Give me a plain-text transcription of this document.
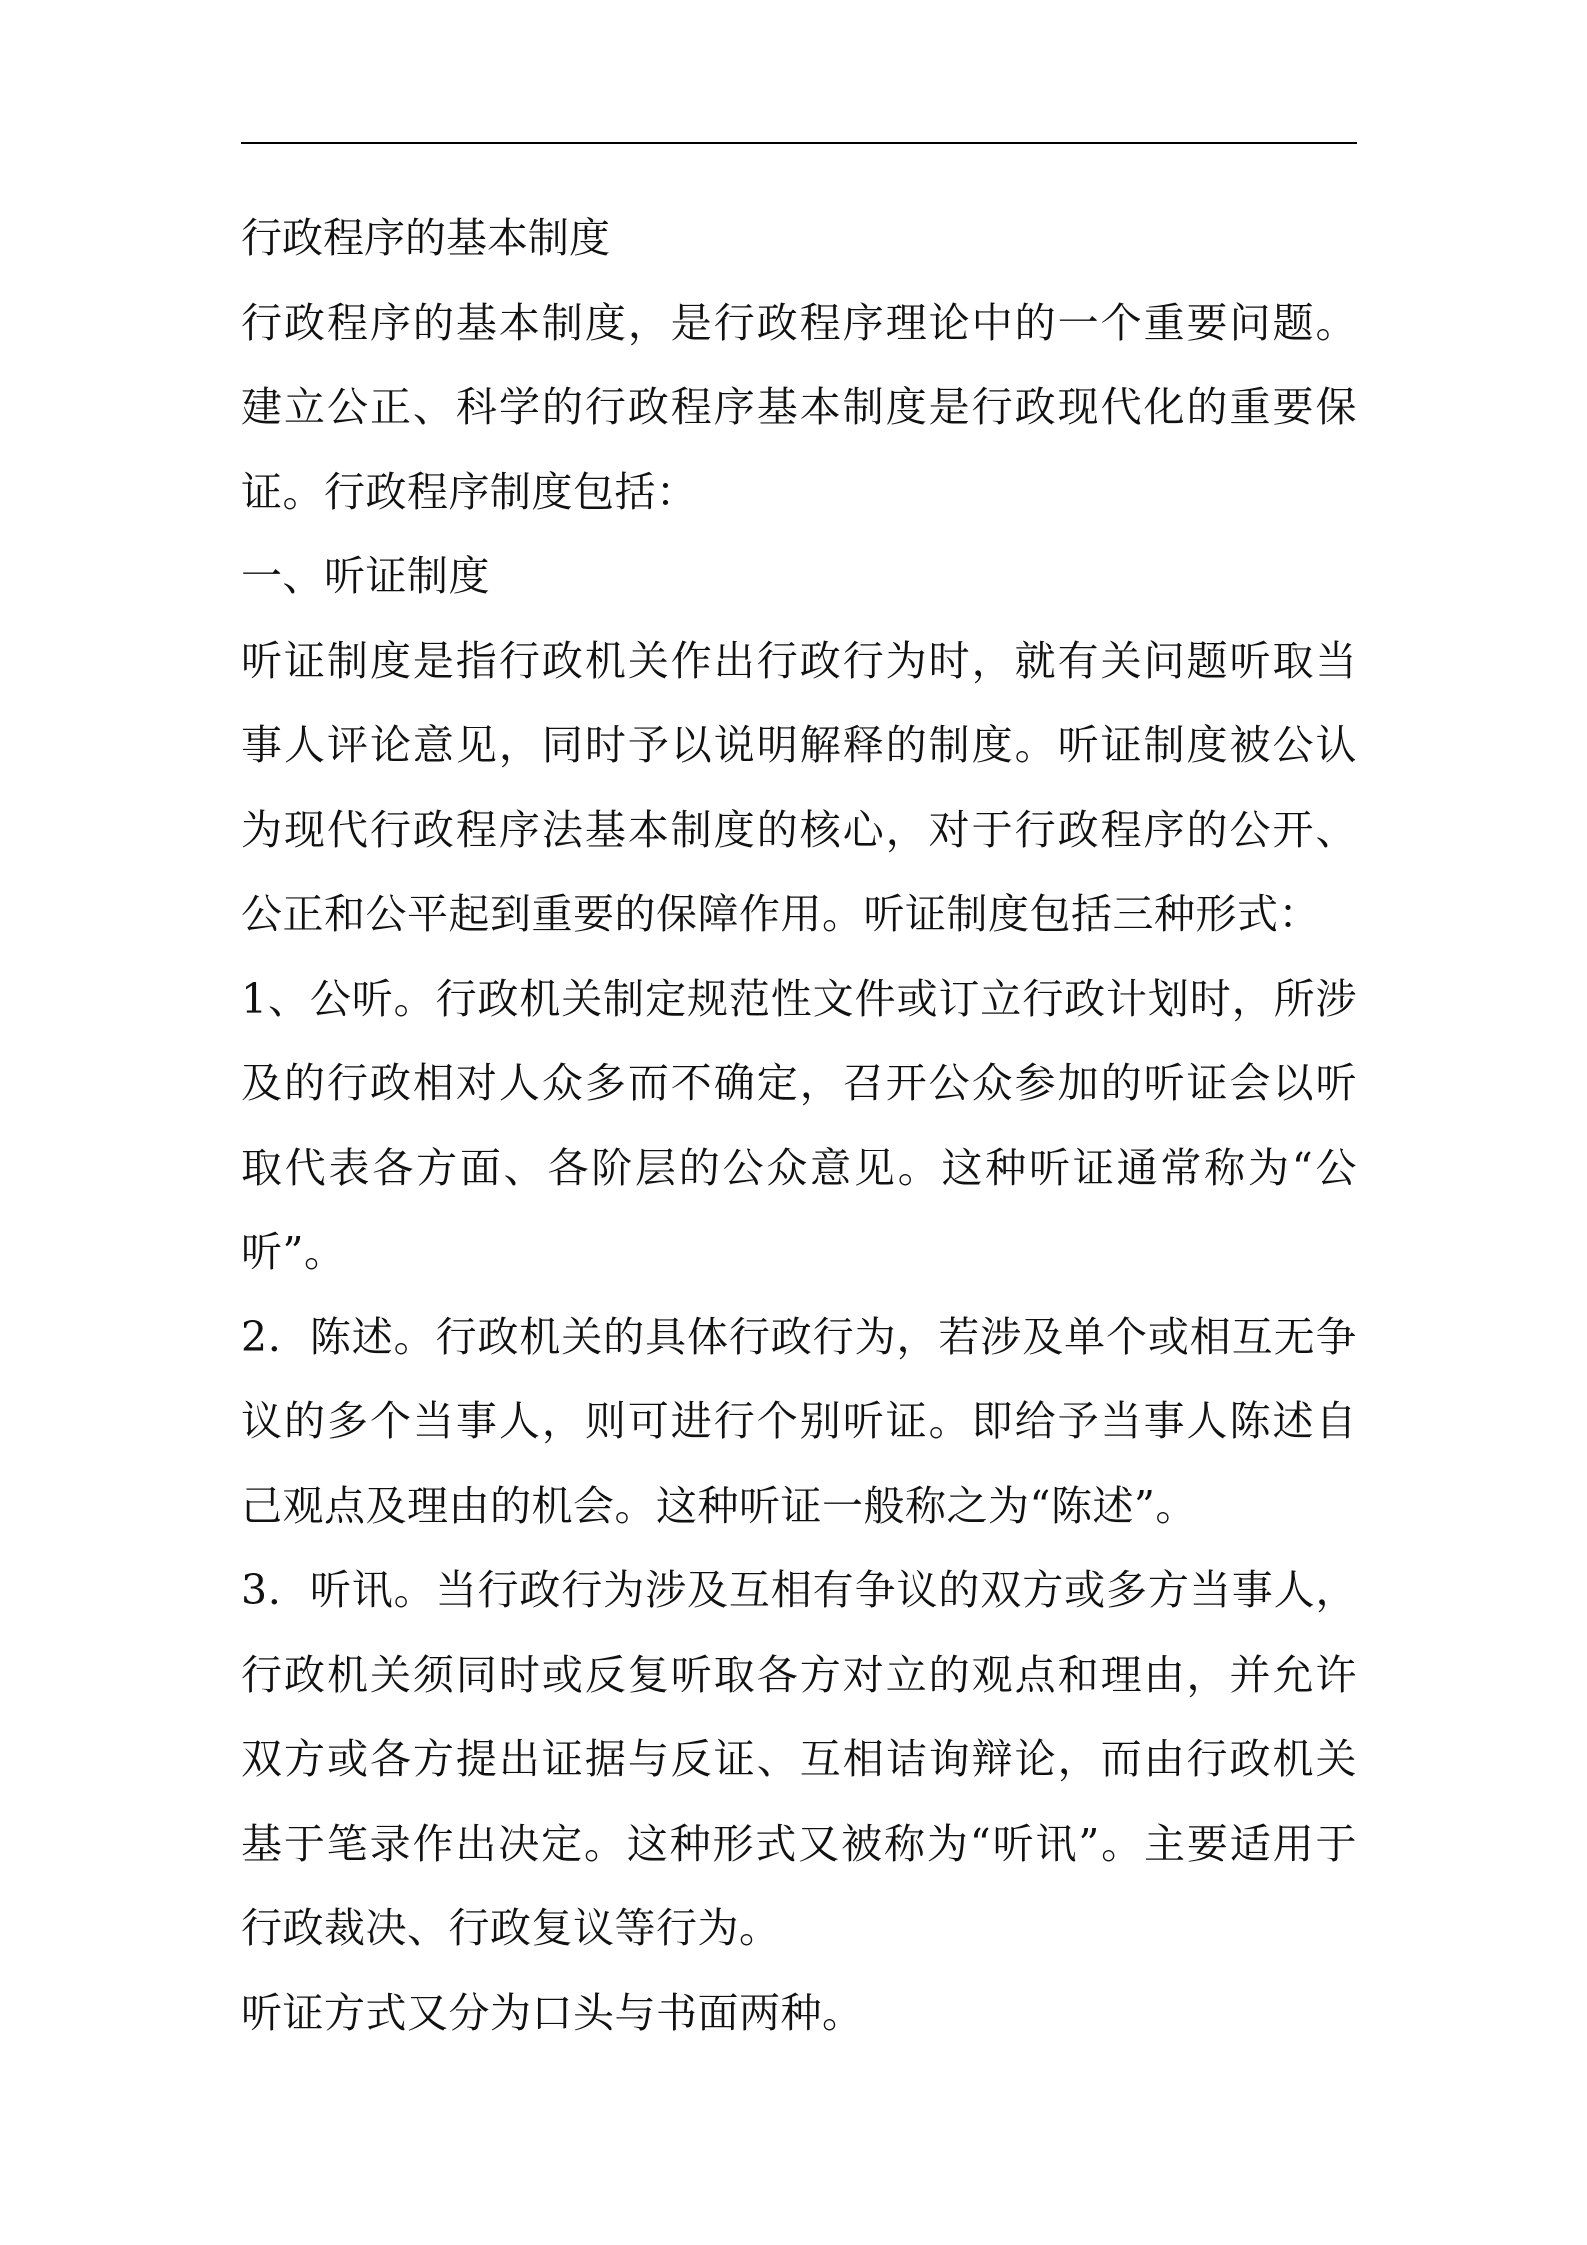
行政程序的基本制度

行政程序的基本制度，是行政程序理论中的一个重要问题。建立公正、科学的行政程序基本制度是行政现代化的重要保证。行政程序制度包括：

一、听证制度

听证制度是指行政机关作出行政行为时，就有关问题听取当事人评论意见，同时予以说明解释的制度。听证制度被公认为现代行政程序法基本制度的核心，对于行政程序的公开、公正和公平起到重要的保障作用。听证制度包括三种形式：

1、公听。行政机关制定规范性文件或订立行政计划时，所涉及的行政相对人众多而不确定，召开公众参加的听证会以听取代表各方面、各阶层的公众意见。这种听证通常称为“公听”。

2．陈述。行政机关的具体行政行为，若涉及单个或相互无争议的多个当事人，则可进行个别听证。即给予当事人陈述自己观点及理由的机会。这种听证一般称之为“陈述”。

3．听讯。当行政行为涉及互相有争议的双方或多方当事人，行政机关须同时或反复听取各方对立的观点和理由，并允许双方或各方提出证据与反证、互相诘询辩论，而由行政机关基于笔录作出决定。这种形式又被称为“听讯”。主要适用于行政裁决、行政复议等行为。

听证方式又分为口头与书面两种。
